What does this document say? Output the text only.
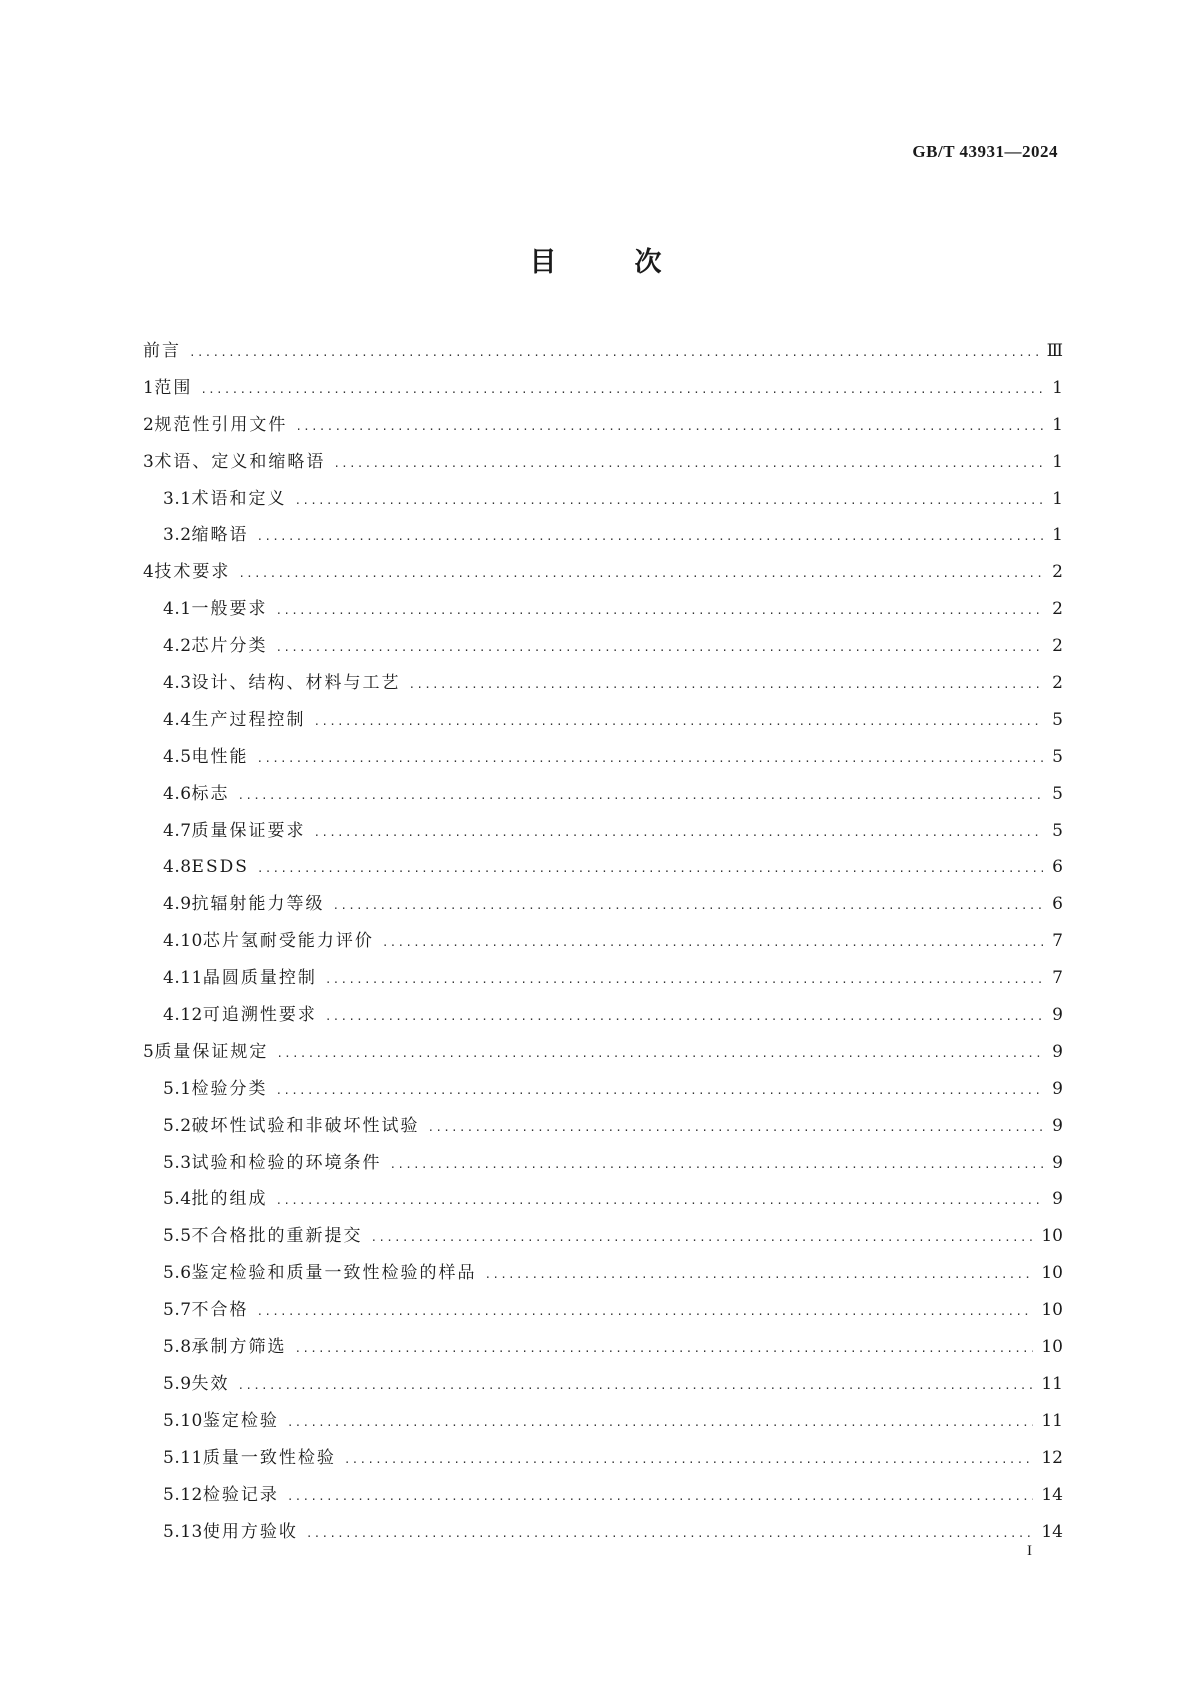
GB/T 43931—2024
目	次
前言 .....	Ⅲ
1 范围 .....	1
2 规范性引用文件 .....	1
3 术语、定义和缩略语 .....	1
3.1 术语和定义 .....	1
3.2 缩略语 .....	1
4 技术要求 .....	2
4.1 一般要求 .....	2
4.2 芯片分类 .....	2
4.3 设计、结构、材料与工艺 .....	2
4.4 生产过程控制 .....	5
4.5 电性能 .....	5
4.6 标志 .....	5
4.7 质量保证要求 .....	5
4.8 ESDS .....	6
4.9 抗辐射能力等级 .....	6
4.10 芯片氢耐受能力评价 .....	7
4.11 晶圆质量控制 .....	7
4.12 可追溯性要求 .....	9
5 质量保证规定 .....	9
5.1 检验分类 .....	9
5.2 破坏性试验和非破坏性试验 .....	9
5.3 试验和检验的环境条件 .....	9
5.4 批的组成 .....	9
5.5 不合格批的重新提交 .....	10
5.6 鉴定检验和质量一致性检验的样品 .....	10
5.7 不合格 .....	10
5.8 承制方筛选 .....	10
5.9 失效 .....	11
5.10 鉴定检验 .....	11
5.11 质量一致性检验 .....	12
5.12 检验记录 .....	14
5.13 使用方验收 .....	14
I
